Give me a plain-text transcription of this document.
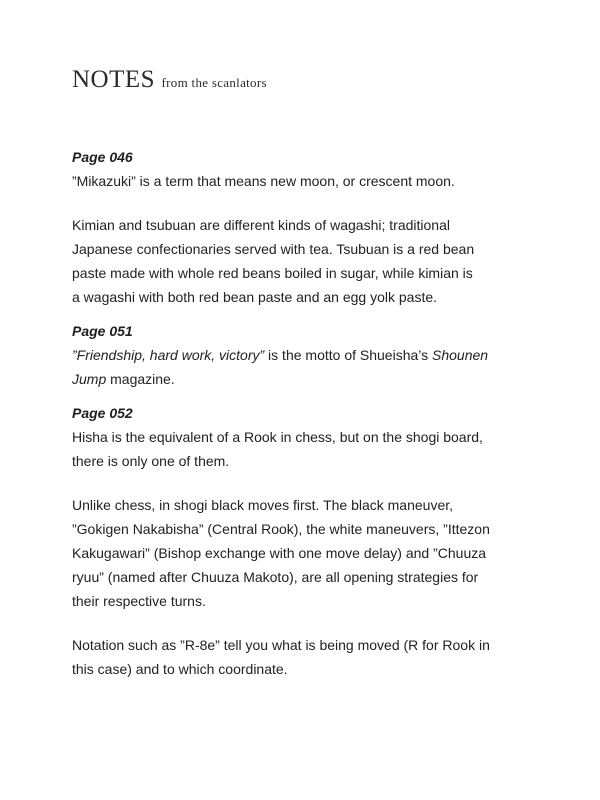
NOTES from the scanlators
Page 046
”Mikazuki” is a term that means new moon, or crescent moon.
Kimian and tsubuan are different kinds of wagashi; traditional
Japanese confectionaries served with tea. Tsubuan is a red bean
paste made with whole red beans boiled in sugar, while kimian is
a wagashi with both red bean paste and an egg yolk paste.
Page 051
”Friendship, hard work, victory” is the motto of Shueisha’s Shounen
Jump magazine.
Page 052
Hisha is the equivalent of a Rook in chess, but on the shogi board,
there is only one of them.
Unlike chess, in shogi black moves first. The black maneuver,
”Gokigen Nakabisha” (Central Rook), the white maneuvers, ”Ittezon
Kakugawari” (Bishop exchange with one move delay) and ”Chuuza
ryuu” (named after Chuuza Makoto), are all opening strategies for
their respective turns.
Notation such as ”R-8e” tell you what is being moved (R for Rook in
this case) and to which coordinate.
